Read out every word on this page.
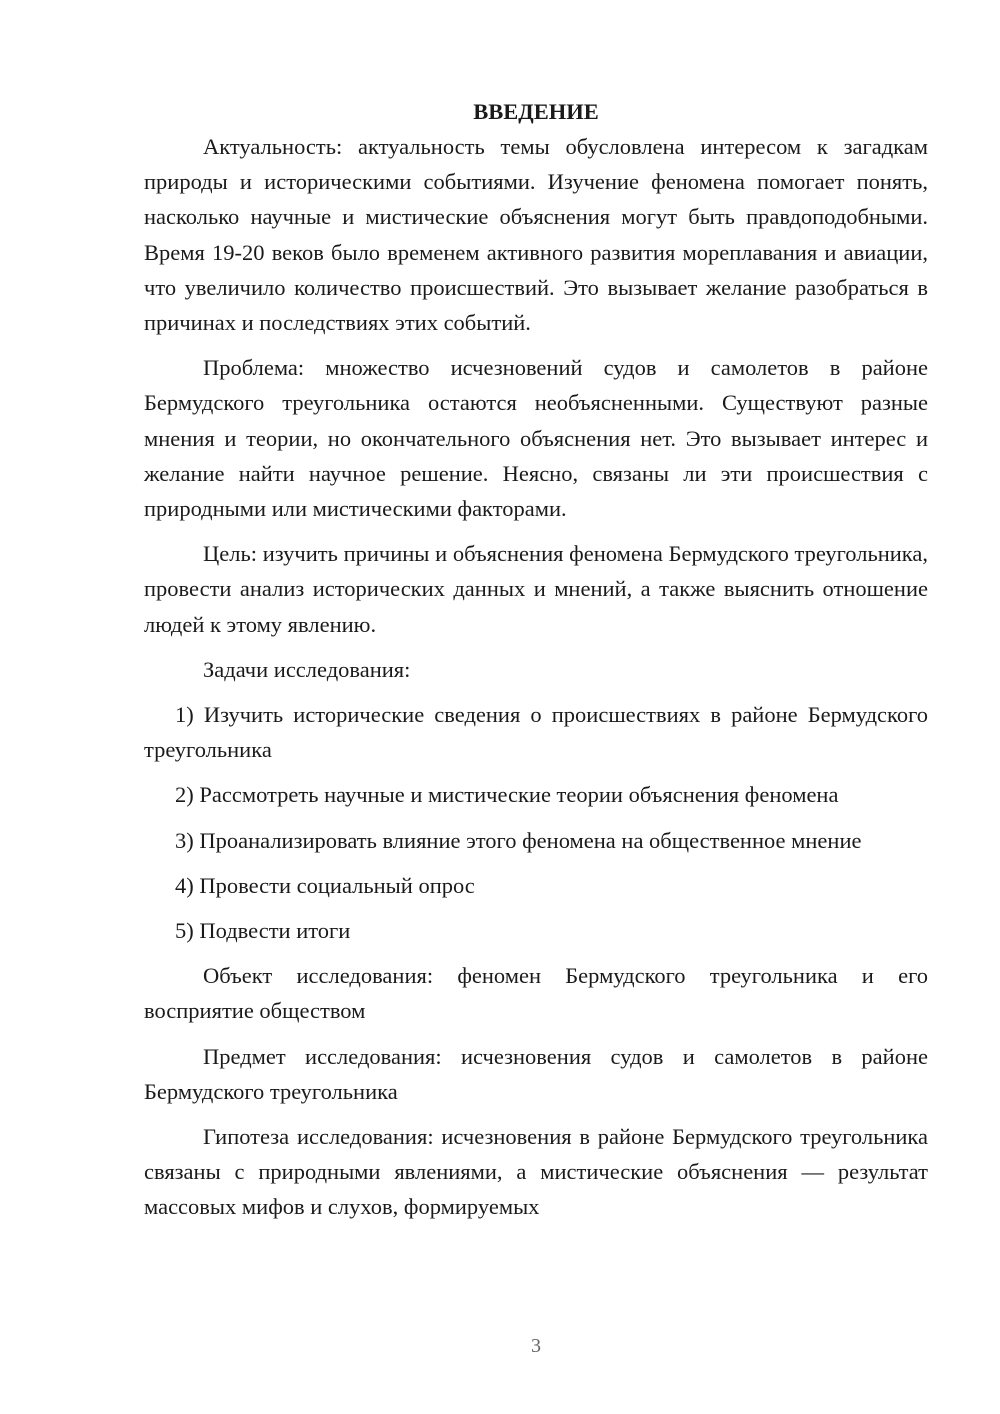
ВВЕДЕНИЕ

Актуальность: актуальность темы обусловлена интересом к загадкам природы и историческими событиями. Изучение феномена помогает понять, насколько научные и мистические объяснения могут быть правдоподобными. Время 19-20 веков было временем активного развития мореплавания и авиации, что увеличило количество происшествий. Это вызывает желание разобраться в причинах и последствиях этих событий.

Проблема: множество исчезновений судов и самолетов в районе Бермудского треугольника остаются необъясненными. Существуют разные мнения и теории, но окончательного объяснения нет. Это вызывает интерес и желание найти научное решение. Неясно, связаны ли эти происшествия с природными или мистическими факторами.

Цель: изучить причины и объяснения феномена Бермудского треугольника, провести анализ исторических данных и мнений, а также выяснить отношение людей к этому явлению.

Задачи исследования:

1) Изучить исторические сведения о происшествиях в районе Бермудского треугольника

2) Рассмотреть научные и мистические теории объяснения феномена

3) Проанализировать влияние этого феномена на общественное мнение

4) Провести социальный опрос

5) Подвести итоги

Объект исследования: феномен Бермудского треугольника и его восприятие обществом

Предмет исследования: исчезновения судов и самолетов в районе Бермудского треугольника

Гипотеза исследования: исчезновения в районе Бермудского треугольника связаны с природными явлениями, а мистические объяснения — результат массовых мифов и слухов, формируемых

3
